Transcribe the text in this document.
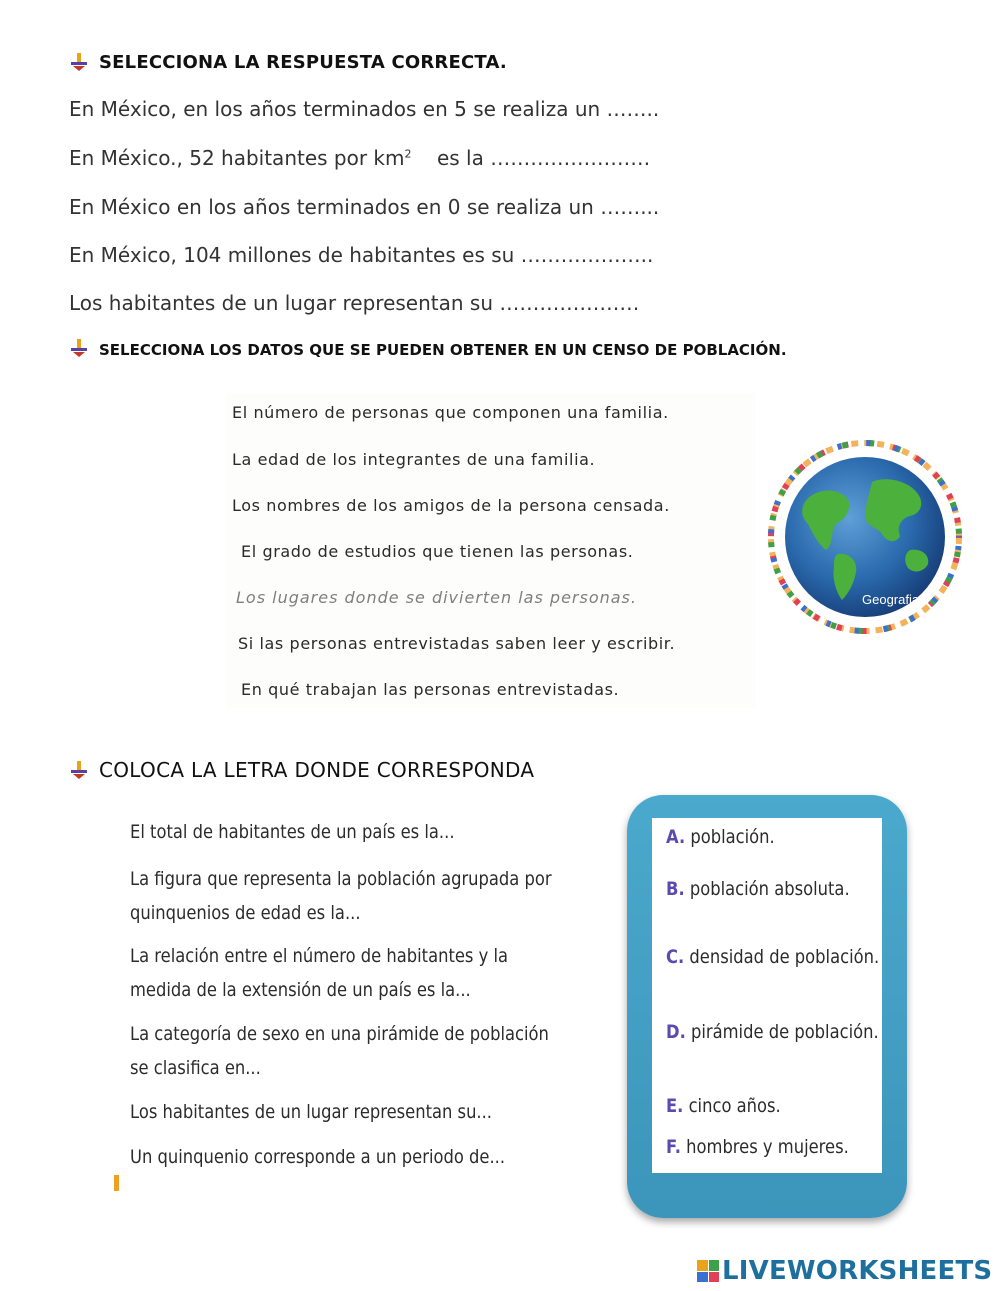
SELECCIONA LA RESPUESTA CORRECTA.
En México, en los años terminados en 5 se realiza un ……..
En México., 52 habitantes por $km^2$ es la ……………………
En México en los años terminados en 0 se realiza un ……...
En México, 104 millones de habitantes es su ………………..
Los habitantes de un lugar representan su …………………
SELECCIONA LOS DATOS QUE SE PUEDEN OBTENER EN UN CENSO DE POBLACIÓN.
El número de personas que componen una familia.
La edad de los integrantes de una familia.
Los nombres de los amigos de la persona censada.
El grado de estudios que tienen las personas.
Los lugares donde se divierten las personas.
Si las personas entrevistadas saben leer y escribir.
En qué trabajan las personas entrevistadas.
Geografia
COLOCA LA LETRA DONDE CORRESPONDA
El total de habitantes de un país es la...
La figura que representa la población agrupada por
quinquenios de edad es la...
La relación entre el número de habitantes y la
medida de la extensión de un país es la...
La categoría de sexo en una pirámide de población
se clasifica en...
Los habitantes de un lugar representan su...
Un quinquenio corresponde a un periodo de...
A. población.
B. población absoluta.
C. densidad de población.
D. pirámide de población.
E. cinco años.
F. hombres y mujeres.
LIVEWORKSHEETS
